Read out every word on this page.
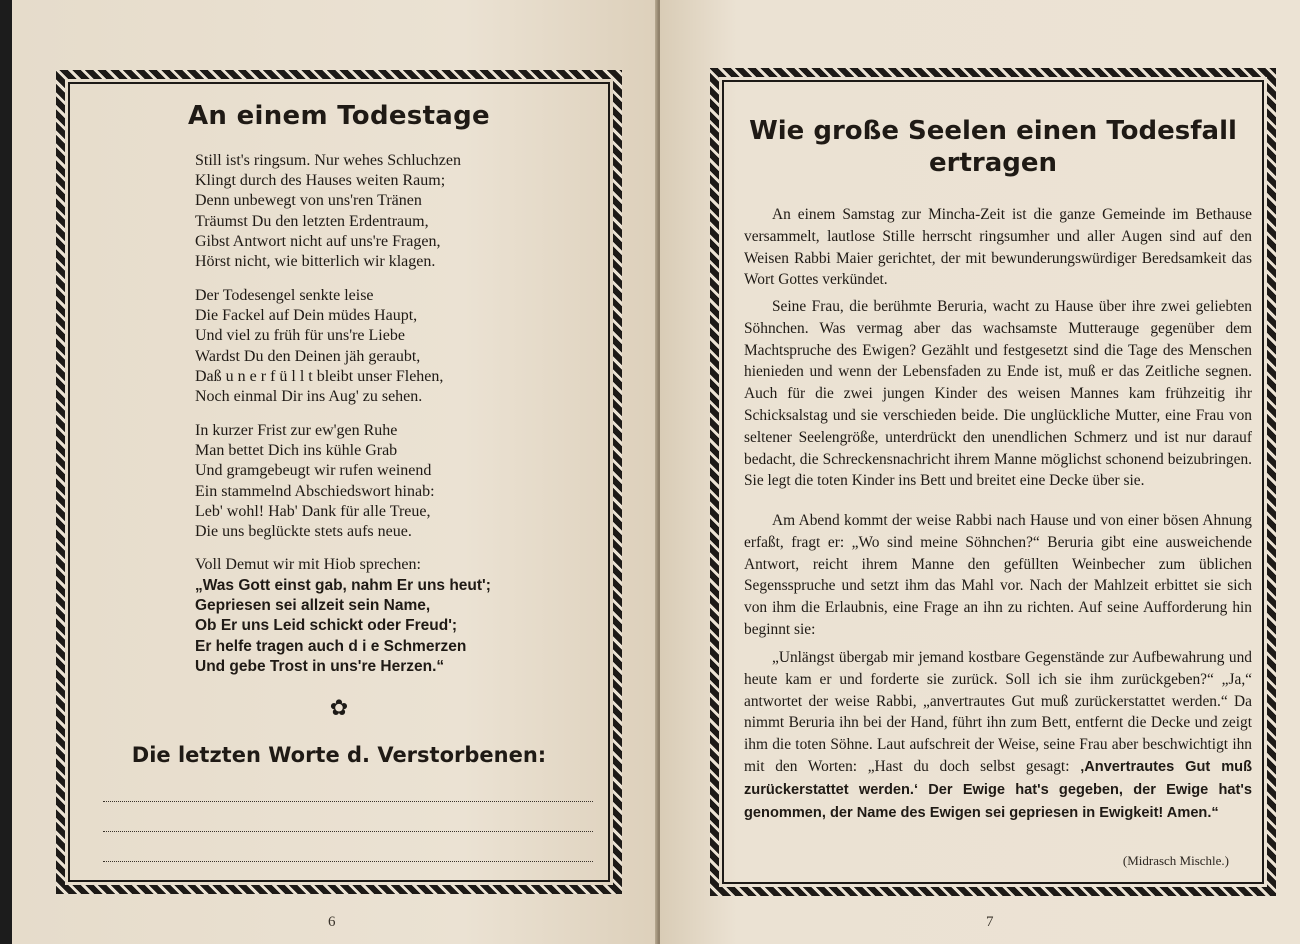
An einem Todestage
Still ist's ringsum. Nur wehes Schluchzen
Klingt durch des Hauses weiten Raum;
Denn unbewegt von uns'ren Tränen
Träumst Du den letzten Erdentraum,
Gibst Antwort nicht auf uns're Fragen,
Hörst nicht, wie bitterlich wir klagen.
Der Todesengel senkte leise
Die Fackel auf Dein müdes Haupt,
Und viel zu früh für uns're Liebe
Wardst Du den Deinen jäh geraubt,
Daß u n e r f ü l l t bleibt unser Flehen,
Noch einmal Dir ins Aug' zu sehen.
In kurzer Frist zur ew'gen Ruhe
Man bettet Dich ins kühle Grab
Und gramgebeugt wir rufen weinend
Ein stammelnd Abschiedswort hinab:
Leb' wohl! Hab' Dank für alle Treue,
Die uns beglückte stets aufs neue.
Voll Demut wir mit Hiob sprechen:
„Was Gott einst gab, nahm Er uns heut';
Gepriesen sei allzeit sein Name,
Ob Er uns Leid schickt oder Freud';
Er helfe tragen auch d i e Schmerzen
Und gebe Trost in uns're Herzen.“
✿
Die letzten Worte d. Verstorbenen:
6
Wie große Seelen einen Todesfall
ertragen
An einem Samstag zur Mincha-Zeit ist die ganze Gemeinde im Bethause versammelt, lautlose Stille herrscht ringsumher und aller Augen sind auf den Weisen Rabbi Maier gerichtet, der mit bewunderungswürdiger Beredsamkeit das Wort Gottes verkündet.
Seine Frau, die berühmte Beruria, wacht zu Hause über ihre zwei geliebten Söhnchen. Was vermag aber das wachsamste Mutterauge gegenüber dem Machtspruche des Ewigen? Gezählt und festgesetzt sind die Tage des Menschen hienieden und wenn der Lebensfaden zu Ende ist, muß er das Zeitliche segnen. Auch für die zwei jungen Kinder des weisen Mannes kam frühzeitig ihr Schicksalstag und sie verschieden beide. Die unglückliche Mutter, eine Frau von seltener Seelengröße, unterdrückt den unendlichen Schmerz und ist nur darauf bedacht, die Schreckensnachricht ihrem Manne möglichst schonend beizubringen. Sie legt die toten Kinder ins Bett und breitet eine Decke über sie.
Am Abend kommt der weise Rabbi nach Hause und von einer bösen Ahnung erfaßt, fragt er: „Wo sind meine Söhnchen?“ Beruria gibt eine ausweichende Antwort, reicht ihrem Manne den gefüllten Weinbecher zum üblichen Segensspruche und setzt ihm das Mahl vor. Nach der Mahlzeit erbittet sie sich von ihm die Erlaubnis, eine Frage an ihn zu richten. Auf seine Aufforderung hin beginnt sie:
„Unlängst übergab mir jemand kostbare Gegenstände zur Aufbewahrung und heute kam er und forderte sie zurück. Soll ich sie ihm zurückgeben?“ „Ja,“ antwortet der weise Rabbi, „anvertrautes Gut muß zurückerstattet werden.“ Da nimmt Beruria ihn bei der Hand, führt ihn zum Bett, entfernt die Decke und zeigt ihm die toten Söhne. Laut aufschreit der Weise, seine Frau aber beschwichtigt ihn mit den Worten: „Hast du doch selbst gesagt: ‚Anvertrautes Gut muß zurückerstattet werden.‘ Der Ewige hat's gegeben, der Ewige hat's genommen, der Name des Ewigen sei gepriesen in Ewigkeit! Amen.“
(Midrasch Mischle.)
7
